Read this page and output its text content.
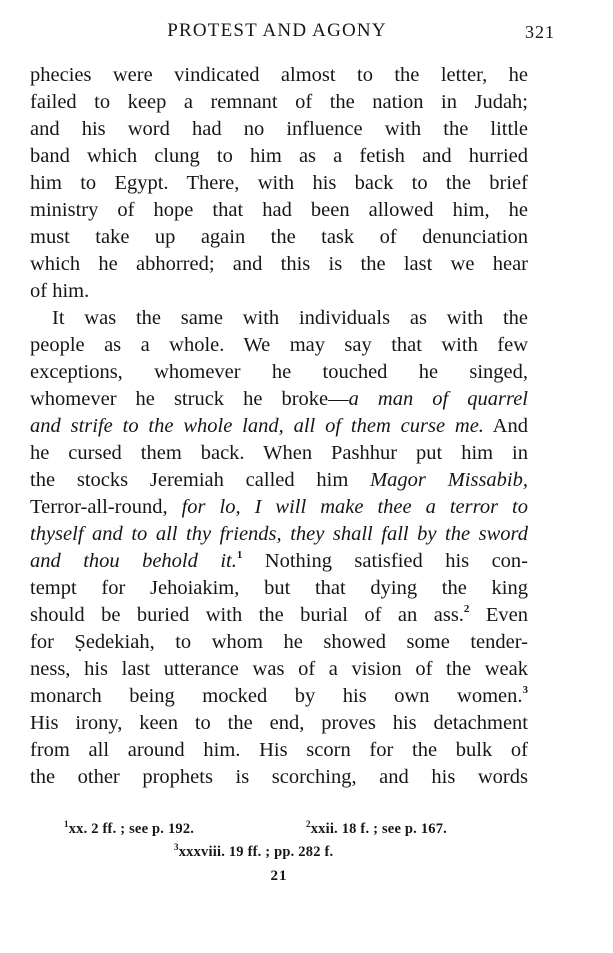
PROTEST AND AGONY	321
phecies were vindicated almost to the letter, he
failed to keep a remnant of the nation in Judah;
and his word had no influence with the little
band which clung to him as a fetish and hurried
him to Egypt. There, with his back to the brief
ministry of hope that had been allowed him, he
must take up again the task of denunciation
which he abhorred; and this is the last we hear
of him.
It was the same with individuals as with the
people as a whole. We may say that with few
exceptions, whomever he touched he singed,
whomever he struck he broke—a man of quarrel
and strife to the whole land, all of them curse me. And
he cursed them back. When Pashhur put him in
the stocks Jeremiah called him Magor Missabib,
Terror-all-round, for lo, I will make thee a terror to
thyself and to all thy friends, they shall fall by the sword
and thou behold it.$^1$ Nothing satisfied his con-
tempt for Jehoiakim, but that dying the king
should be buried with the burial of an ass.$^2$ Even
for Ṣedekiah, to whom he showed some tender-
ness, his last utterance was of a vision of the weak
monarch being mocked by his own women.$^3$
His irony, keen to the end, proves his detachment
from all around him. His scorn for the bulk of
the other prophets is scorching, and his words
$^1$xx. 2 ff. ; see p. 192.	$^2$xxii. 18 f. ; see p. 167.
$^3$xxxviii. 19 ff. ; pp. 282 f.
21
